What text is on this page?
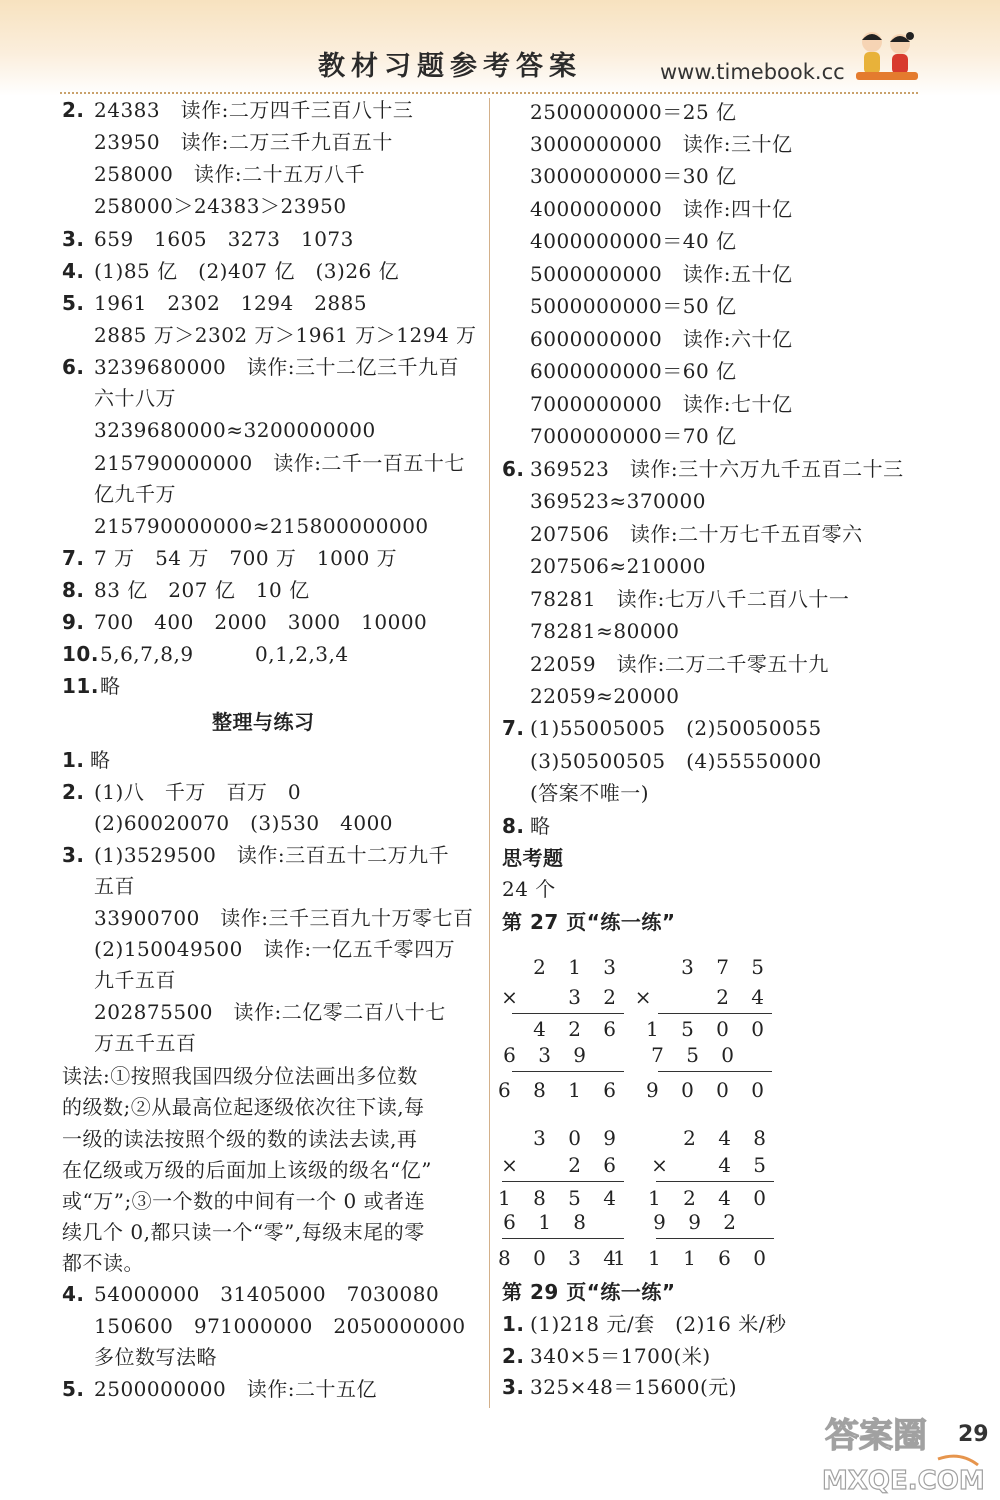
教材习题参考答案	www.timebook.cc
2. 24383　读作:二万四千三百八十三
23950　读作:二万三千九百五十
258000　读作:二十五万八千
258000＞24383＞23950
3. 659　1605　3273　1073
4. (1)85 亿　(2)407 亿　(3)26 亿
5. 1961　2302　1294　2885
2885 万＞2302 万＞1961 万＞1294 万
6. 3239680000　读作:三十二亿三千九百
六十八万
3239680000≈3200000000
215790000000　读作:二千一百五十七
亿九千万
215790000000≈215800000000
7. 7 万　54 万　700 万　1000 万
8. 83 亿　207 亿　10 亿
9. 700　400　2000　3000　10000
10. 5,6,7,8,9　　　0,1,2,3,4
11. 略
整理与练习
1. 略
2. (1)八　千万　百万　0
(2)60020070　(3)530　4000
3. (1)3529500　读作:三百五十二万九千
五百
33900700　读作:三千三百九十万零七百
(2)150049500　读作:一亿五千零四万
九千五百
202875500　读作:二亿零二百八十七
万五千五百
读法:①按照我国四级分位法画出多位数
的级数;②从最高位起逐级依次往下读,每
一级的读法按照个级的数的读法去读,再
在亿级或万级的后面加上该级的级名“亿”
或“万”;③一个数的中间有一个 0 或者连
续几个 0,都只读一个“零”,每级末尾的零
都不读。
4. 54000000　31405000　7030080
150600　971000000　2050000000
多位数写法略
5. 2500000000　读作:二十五亿
2500000000＝25 亿
3000000000　读作:三十亿
3000000000＝30 亿
4000000000　读作:四十亿
4000000000＝40 亿
5000000000　读作:五十亿
5000000000＝50 亿
6000000000　读作:六十亿
6000000000＝60 亿
7000000000　读作:七十亿
7000000000＝70 亿
6. 369523　读作:三十六万九千五百二十三
369523≈370000
207506　读作:二十万七千五百零六
207506≈210000
78281　读作:七万八千二百八十一
78281≈80000
22059　读作:二万二千零五十九
22059≈20000
7. (1)55005005　(2)50050055
(3)50500505　(4)55550000
(答案不唯一)
8. 略
思考题
24 个
第 27 页“练一练”
2 1 3
× 　3 2
4 2 6
6 3 9
6 8 1 6
3 7 5
× 　 2 4
1 5 0 0
7 5 0
9 0 0 0
3 0 9
× 　2 6
1 8 5 4
6 1 8
8 0 3 4
2 4 8
× 　4 5
1 2 4 0
9 9 2
1 1 1 6 0
第 29 页“练一练”
1. (1)218 元/套　(2)16 米/秒
2. 340×5＝1700(米)
3. 325×48＝15600(元)
29
答案圈
MXQE.COM
